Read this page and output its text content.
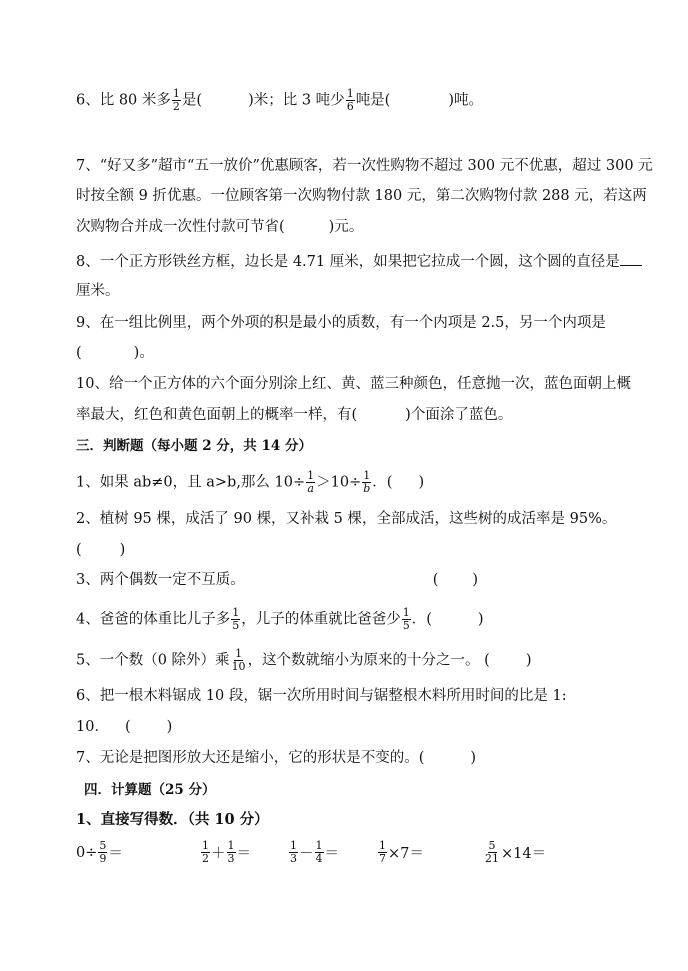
6、比 80 米多 $\frac{1}{2}$ 是(	)米；比 3 吨少 $\frac{1}{6}$ 吨是(	)吨。
7、“好又多”超市“五一放价”优惠顾客，若一次性购物不超过 300 元不优惠，超过 300 元
时按全额 9 折优惠。一位顾客第一次购物付款 180 元，第二次购物付款 288 元，若这两
次购物合并成一次性付款可节省(	)元。
8、一个正方形铁丝方框，边长是 4.71 厘米，如果把它拉成一个圆，这个圆的直径是
厘米。
9、在一组比例里，两个外项的积是最小的质数，有一个内项是 2.5，另一个内项是
(	)。
10、给一个正方体的六个面分别涂上红、黄、蓝三种颜色，任意抛一次，蓝色面朝上概
率最大，红色和黄色面朝上的概率一样，有(	)个面涂了蓝色。
三．判断题（每小题 2 分，共 14 分）
1、如果 ab≠0，且 a>b,那么 $10\div \frac{1}{a} >10\div \frac{1}{b}$ ．( )
2、植树 95 棵，成活了 90 棵，又补栽 5 棵，全部成活，这些树的成活率是 95%。
(	)
3、两个偶数一定不互质。	( )
4、爸爸的体重比儿子多 $\frac{1}{5}$ ，儿子的体重就比爸爸少 $\frac{1}{5}$ ．(	)
5、一个数（0 除外）乘 $\frac{1}{10}$ ，这个数就缩小为原来的十分之一。 ( )
6、把一根木料锯成 10 段，锯一次所用时间与锯整根木料所用时间的比是 1:
10． ( )
7、无论是把图形放大还是缩小，它的形状是不变的。(	)
四．计算题（25 分）
1、直接写得数．（共 10 分）
$0\div \frac{5}{9}$ ＝	$\frac{1}{2} + \frac{1}{3}$ ＝	$\frac{1}{3} - \frac{1}{4}$ ＝	$\frac{1}{7} \times 7=$	$\frac{5}{21} \times 14=$
